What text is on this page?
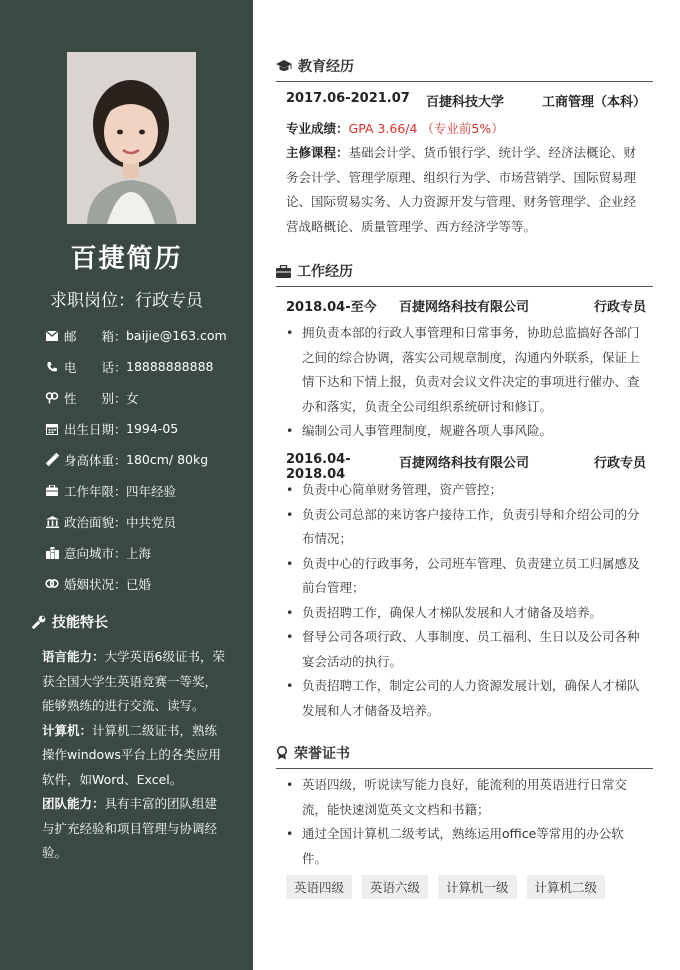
百捷简历
求职岗位：行政专员
邮　　箱： baijie@163.com
电　　话： 18888888888
性　　别： 女
出生日期： 1994-05
身高体重： 180cm/ 80kg
工作年限： 四年经验
政治面貌： 中共党员
意向城市： 上海
婚姻状况： 已婚
技能特长

语言能力：大学英语6级证书，荣获全国大学生英语竞赛一等奖，能够熟练的进行交流、读写。

计算机：计算机二级证书，熟练操作windows平台上的各类应用软件，如Word、Excel。

团队能力：具有丰富的团队组建与扩充经验和项目管理与协调经验。

教育经历
2017.06-2021.07	百捷科技大学	工商管理（本科）
专业成绩：GPA 3.66/4 （专业前5%）
主修课程：基础会计学、货币银行学、统计学、经济法概论、财务会计学、管理学原理、组织行为学、市场营销学、国际贸易理论、国际贸易实务、人力资源开发与管理、财务管理学、企业经营战略概论、质量管理学、西方经济学等等。
工作经历
2018.04-至今	百捷网络科技有限公司	行政专员
• 拥负责本部的行政人事管理和日常事务，协助总监搞好各部门之间的综合协调，落实公司规章制度，沟通内外联系，保证上情下达和下情上报，负责对会议文件决定的事项进行催办、查办和落实，负责全公司组织系统研讨和修订。
• 编制公司人事管理制度，规避各项人事风险。
2016.04-2018.04
百捷网络科技有限公司	行政专员
• 负责中心简单财务管理，资产管控；
• 负责公司总部的来访客户接待工作，负责引导和介绍公司的分布情况；
• 负责中心的行政事务，公司班车管理、负责建立员工归属感及前台管理；
• 负责招聘工作，确保人才梯队发展和人才储备及培养。
• 督导公司各项行政、人事制度、员工福利、生日以及公司各种宴会活动的执行。
• 负责招聘工作，制定公司的人力资源发展计划，确保人才梯队发展和人才储备及培养。
荣誉证书
• 英语四级，听说读写能力良好，能流利的用英语进行日常交流，能快速浏览英文文档和书籍；
• 通过全国计算机二级考试，熟练运用office等常用的办公软件。
英语四级	英语六级	计算机一级	计算机二级
